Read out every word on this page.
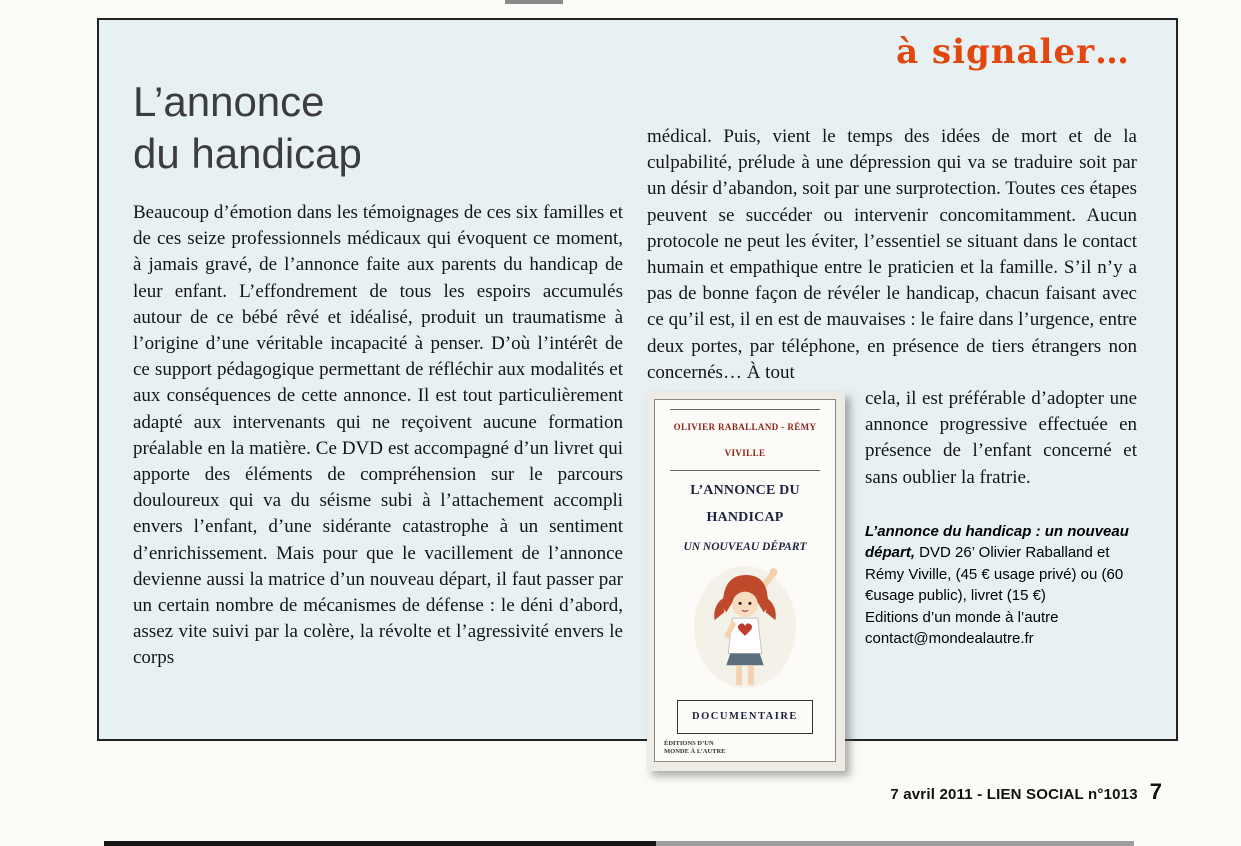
à signaler…
L’annonce
du handicap

Beaucoup d’émotion dans les témoignages de ces six familles et de ces seize professionnels médicaux qui évoquent ce moment, à jamais gravé, de l’annonce faite aux parents du handicap de leur enfant. L’effondrement de tous les espoirs accumulés autour de ce bébé rêvé et idéalisé, produit un traumatisme à l’origine d’une véritable incapacité à penser. D’où l’intérêt de ce support pédagogique permettant de réfléchir aux modalités et aux conséquences de cette annonce. Il est tout particulièrement adapté aux intervenants qui ne reçoivent aucune formation préalable en la matière. Ce DVD est accompagné d’un livret qui apporte des éléments de compréhension sur le parcours douloureux qui va du séisme subi à l’attachement accompli envers l’enfant, d’une sidérante catastrophe à un sentiment d’enrichissement. Mais pour que le vacillement de l’annonce devienne aussi la matrice d’un nouveau départ, il faut passer par un certain nombre de mécanismes de défense : le déni d’abord, assez vite suivi par la colère, la révolte et l’agressivité envers le corps

médical. Puis, vient le temps des idées de mort et de la culpabilité, prélude à une dépression qui va se traduire soit par un désir d’abandon, soit par une surprotection. Toutes ces étapes peuvent se succéder ou intervenir concomitamment. Aucun protocole ne peut les éviter, l’essentiel se situant dans le contact humain et empathique entre le praticien et la famille. S’il n’y a pas de bonne façon de révéler le handicap, chacun faisant avec ce qu’il est, il en est de mauvaises : le faire dans l’urgence, entre deux portes, par téléphone, en présence de tiers étrangers non concernés… À tout

OLIVIER RABALLAND - RÉMY VIVILLE
L’ANNONCE DU HANDICAP
UN NOUVEAU DÉPART
DOCUMENTAIRE
ÉDITIONS D’UN MONDE À L’AUTRE

cela, il est préférable d’adopter une annonce progressive effectuée en présence de l’enfant concerné et sans oublier la fratrie.

L’annonce du handicap : un nouveau départ, DVD 26’ Olivier Raballand et Rémy Viville, (45 € usage privé) ou (60 €usage public), livret (15 €)

Editions d’un monde à l’autre

contact@mondealautre.fr

7 avril 2011 - LIEN SOCIAL n°1013 7
